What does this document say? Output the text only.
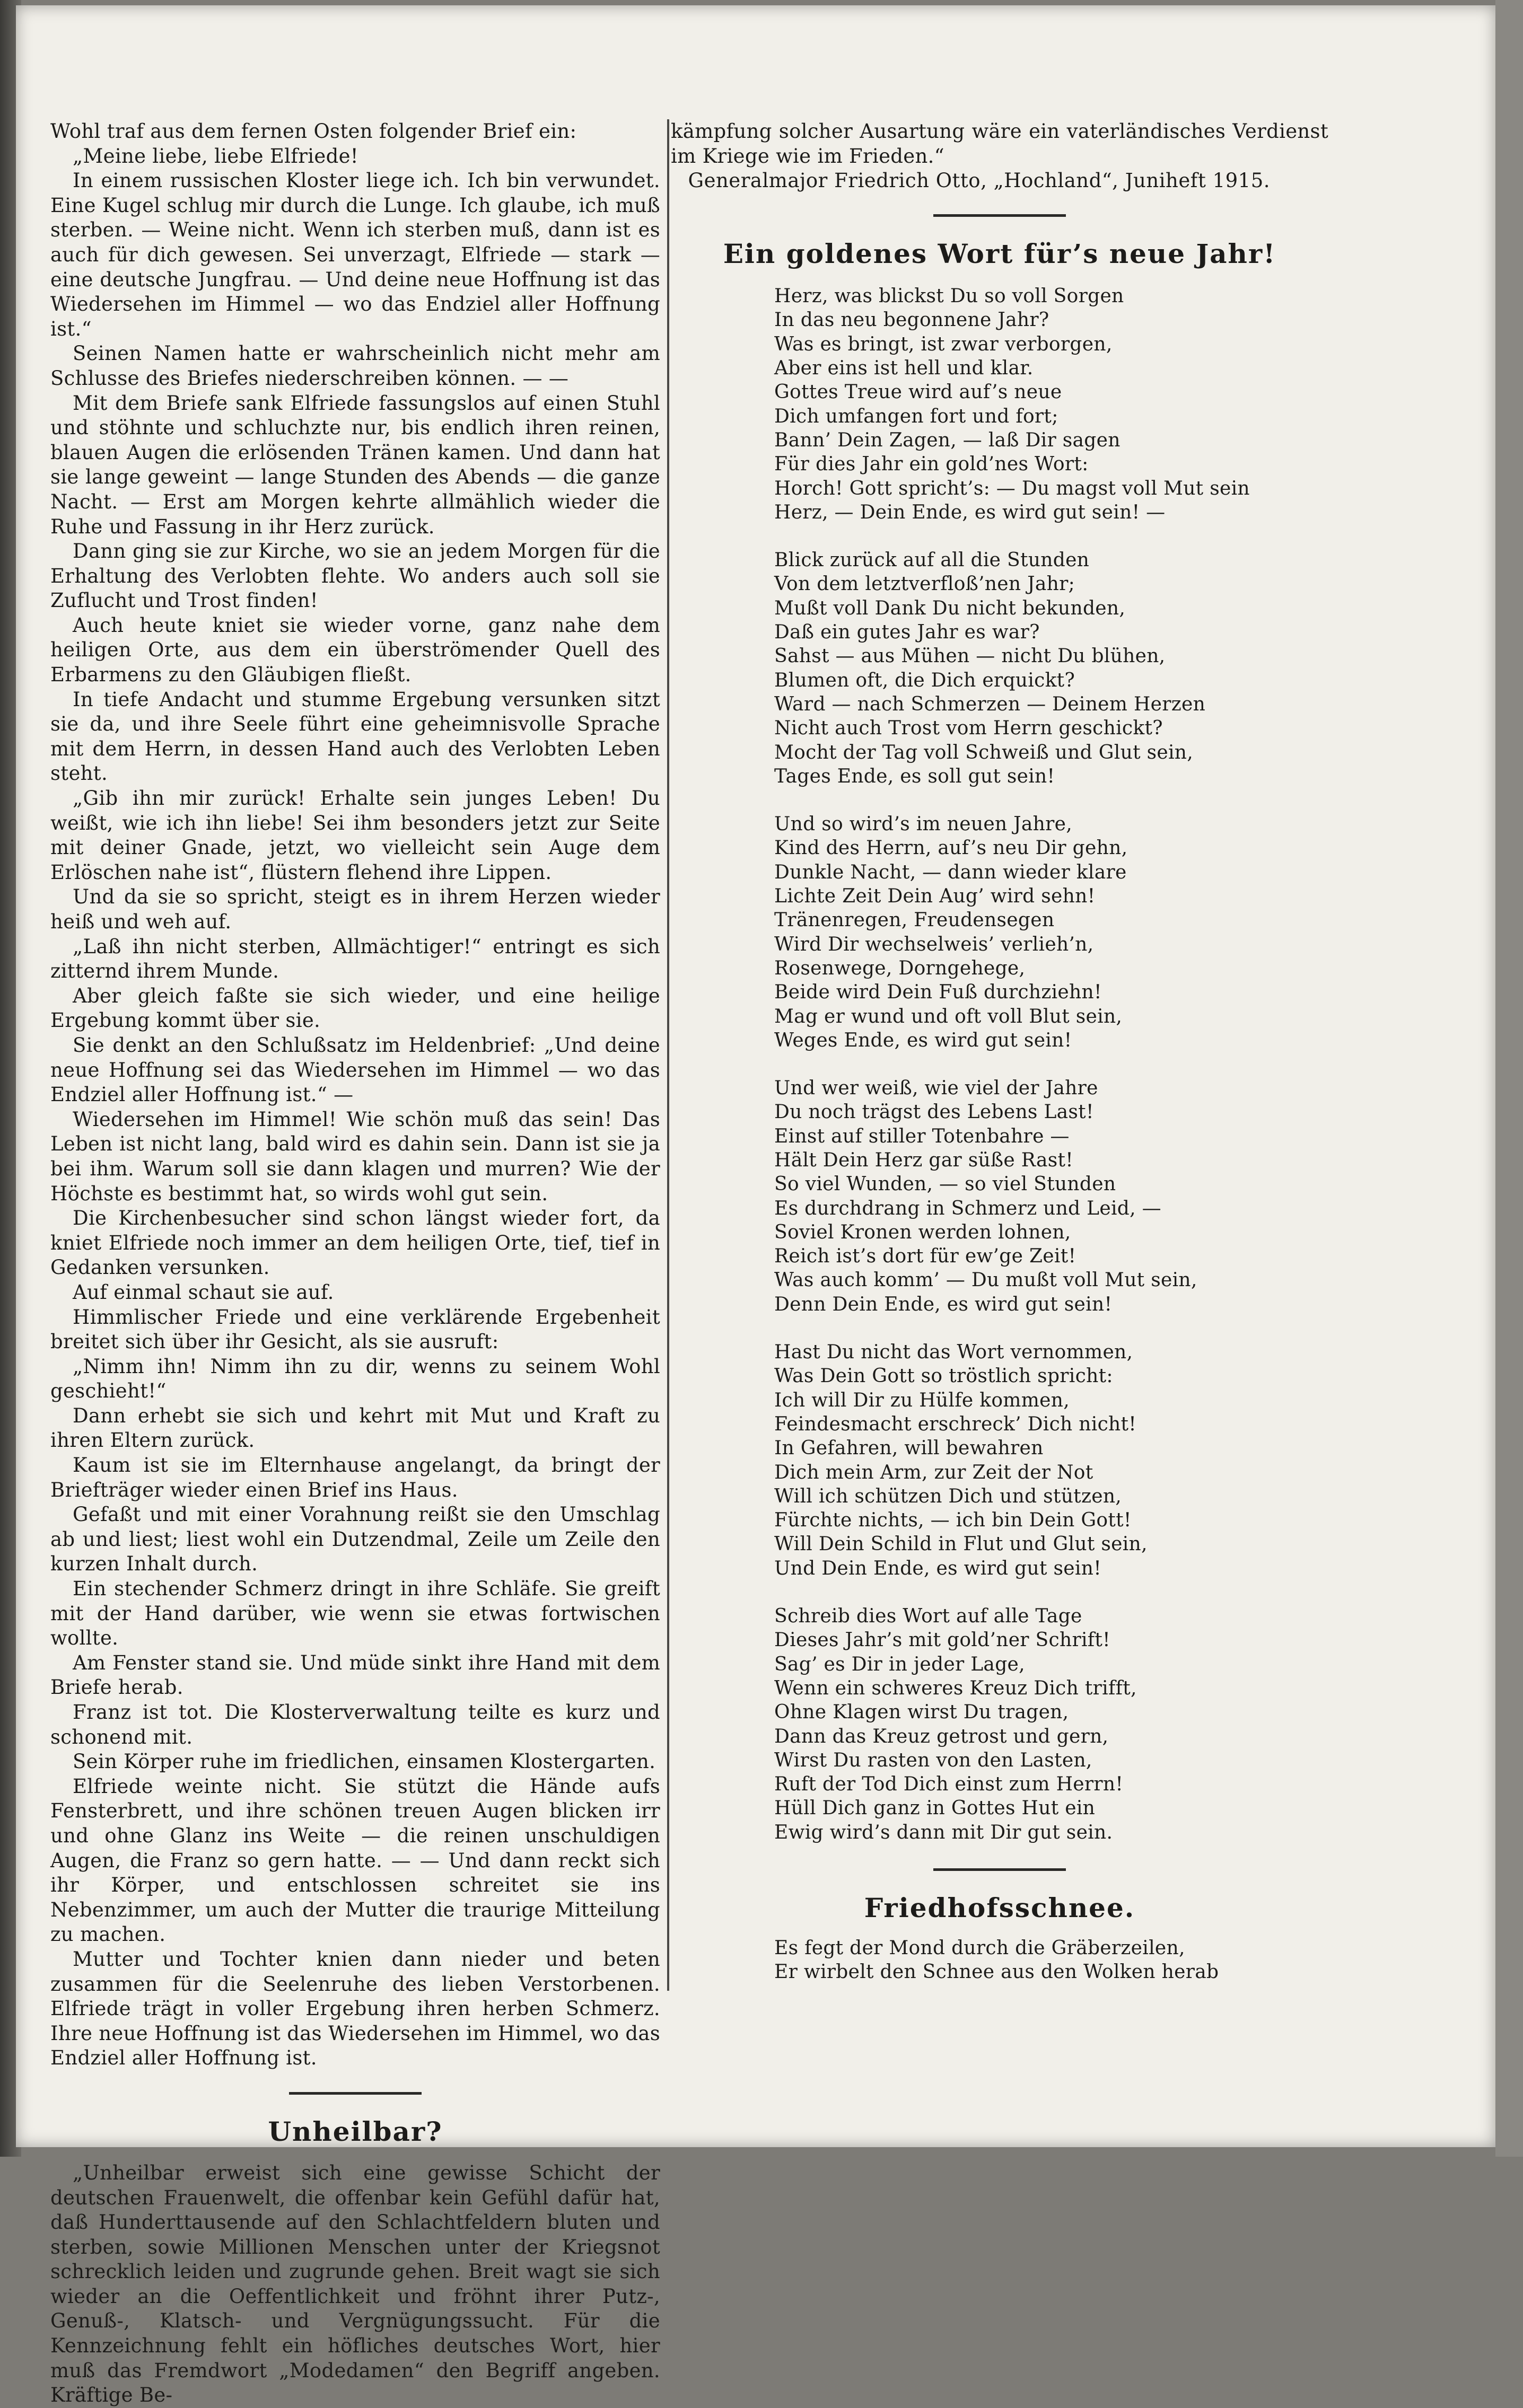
Wohl traf aus dem fernen Osten folgender Brief ein:

„Meine liebe, liebe Elfriede!

In einem russischen Kloster liege ich. Ich bin verwundet. Eine Kugel schlug mir durch die Lunge. Ich glaube, ich muß sterben. — Weine nicht. Wenn ich sterben muß, dann ist es auch für dich gewesen. Sei unverzagt, Elfriede — stark — eine deutsche Jungfrau. — Und deine neue Hoffnung ist das Wiedersehen im Himmel — wo das Endziel aller Hoffnung ist.“

Seinen Namen hatte er wahrscheinlich nicht mehr am Schlusse des Briefes niederschreiben können. — —

Mit dem Briefe sank Elfriede fassungslos auf einen Stuhl und stöhnte und schluchzte nur, bis endlich ihren reinen, blauen Augen die erlösenden Tränen kamen. Und dann hat sie lange geweint — lange Stunden des Abends — die ganze Nacht. — Erst am Morgen kehrte allmählich wieder die Ruhe und Fassung in ihr Herz zurück.

Dann ging sie zur Kirche, wo sie an jedem Morgen für die Erhaltung des Verlobten flehte. Wo anders auch soll sie Zuflucht und Trost finden!

Auch heute kniet sie wieder vorne, ganz nahe dem heiligen Orte, aus dem ein überströmender Quell des Erbarmens zu den Gläubigen fließt.

In tiefe Andacht und stumme Ergebung versunken sitzt sie da, und ihre Seele führt eine geheimnisvolle Sprache mit dem Herrn, in dessen Hand auch des Verlobten Leben steht.

„Gib ihn mir zurück! Erhalte sein junges Leben! Du weißt, wie ich ihn liebe! Sei ihm besonders jetzt zur Seite mit deiner Gnade, jetzt, wo vielleicht sein Auge dem Erlöschen nahe ist“, flüstern flehend ihre Lippen.

Und da sie so spricht, steigt es in ihrem Herzen wieder heiß und weh auf.

„Laß ihn nicht sterben, Allmächtiger!“ entringt es sich zitternd ihrem Munde.

Aber gleich faßte sie sich wieder, und eine heilige Ergebung kommt über sie.

Sie denkt an den Schlußsatz im Heldenbrief: „Und deine neue Hoffnung sei das Wiedersehen im Himmel — wo das Endziel aller Hoffnung ist.“ —

Wiedersehen im Himmel! Wie schön muß das sein! Das Leben ist nicht lang, bald wird es dahin sein. Dann ist sie ja bei ihm. Warum soll sie dann klagen und murren? Wie der Höchste es bestimmt hat, so wirds wohl gut sein.

Die Kirchenbesucher sind schon längst wieder fort, da kniet Elfriede noch immer an dem heiligen Orte, tief, tief in Gedanken versunken.

Auf einmal schaut sie auf.

Himmlischer Friede und eine verklärende Ergebenheit breitet sich über ihr Gesicht, als sie ausruft:

„Nimm ihn! Nimm ihn zu dir, wenns zu seinem Wohl geschieht!“

Dann erhebt sie sich und kehrt mit Mut und Kraft zu ihren Eltern zurück.

Kaum ist sie im Elternhause angelangt, da bringt der Briefträger wieder einen Brief ins Haus.

Gefaßt und mit einer Vorahnung reißt sie den Umschlag ab und liest; liest wohl ein Dutzendmal, Zeile um Zeile den kurzen Inhalt durch.

Ein stechender Schmerz dringt in ihre Schläfe. Sie greift mit der Hand darüber, wie wenn sie etwas fortwischen wollte.

Am Fenster stand sie. Und müde sinkt ihre Hand mit dem Briefe herab.

Franz ist tot. Die Klosterverwaltung teilte es kurz und schonend mit.

Sein Körper ruhe im friedlichen, einsamen Klostergarten.

Elfriede weinte nicht. Sie stützt die Hände aufs Fensterbrett, und ihre schönen treuen Augen blicken irr und ohne Glanz ins Weite — die reinen unschuldigen Augen, die Franz so gern hatte. — — Und dann reckt sich ihr Körper, und entschlossen schreitet sie ins Nebenzimmer, um auch der Mutter die traurige Mitteilung zu machen.

Mutter und Tochter knien dann nieder und beten zusammen für die Seelenruhe des lieben Verstorbenen. Elfriede trägt in voller Ergebung ihren herben Schmerz. Ihre neue Hoffnung ist das Wiedersehen im Himmel, wo das Endziel aller Hoffnung ist.

Unheilbar?

„Unheilbar erweist sich eine gewisse Schicht der deutschen Frauenwelt, die offenbar kein Gefühl dafür hat, daß Hunderttausende auf den Schlachtfeldern bluten und sterben, sowie Millionen Menschen unter der Kriegsnot schrecklich leiden und zugrunde gehen. Breit wagt sie sich wieder an die Oeffentlichkeit und fröhnt ihrer Putz-, Genuß-, Klatsch- und Vergnügungssucht. Für die Kennzeichnung fehlt ein höfliches deutsches Wort, hier muß das Fremdwort „Modedamen“ den Begriff angeben. Kräftige Be-

kämpfung solcher Ausartung wäre ein vaterländisches Verdienst im Kriege wie im Frieden.“

Generalmajor Friedrich Otto, „Hochland“, Juniheft 1915.

Ein goldenes Wort für’s neue Jahr!
Herz, was blickst Du so voll Sorgen
In das neu begonnene Jahr?
Was es bringt, ist zwar verborgen,
Aber eins ist hell und klar.
Gottes Treue wird auf’s neue
Dich umfangen fort und fort;
Bann’ Dein Zagen, — laß Dir sagen
Für dies Jahr ein gold’nes Wort:
Horch! Gott spricht’s: — Du magst voll Mut sein
Herz, — Dein Ende, es wird gut sein! —
Blick zurück auf all die Stunden
Von dem letztverfloß’nen Jahr;
Mußt voll Dank Du nicht bekunden,
Daß ein gutes Jahr es war?
Sahst — aus Mühen — nicht Du blühen,
Blumen oft, die Dich erquickt?
Ward — nach Schmerzen — Deinem Herzen
Nicht auch Trost vom Herrn geschickt?
Mocht der Tag voll Schweiß und Glut sein,
Tages Ende, es soll gut sein!
Und so wird’s im neuen Jahre,
Kind des Herrn, auf’s neu Dir gehn,
Dunkle Nacht, — dann wieder klare
Lichte Zeit Dein Aug’ wird sehn!
Tränenregen, Freudensegen
Wird Dir wechselweis’ verlieh’n,
Rosenwege, Dorngehege,
Beide wird Dein Fuß durchziehn!
Mag er wund und oft voll Blut sein,
Weges Ende, es wird gut sein!
Und wer weiß, wie viel der Jahre
Du noch trägst des Lebens Last!
Einst auf stiller Totenbahre —
Hält Dein Herz gar süße Rast!
So viel Wunden, — so viel Stunden
Es durchdrang in Schmerz und Leid, —
Soviel Kronen werden lohnen,
Reich ist’s dort für ew’ge Zeit!
Was auch komm’ — Du mußt voll Mut sein,
Denn Dein Ende, es wird gut sein!
Hast Du nicht das Wort vernommen,
Was Dein Gott so tröstlich spricht:
Ich will Dir zu Hülfe kommen,
Feindesmacht erschreck’ Dich nicht!
In Gefahren, will bewahren
Dich mein Arm, zur Zeit der Not
Will ich schützen Dich und stützen,
Fürchte nichts, — ich bin Dein Gott!
Will Dein Schild in Flut und Glut sein,
Und Dein Ende, es wird gut sein!
Schreib dies Wort auf alle Tage
Dieses Jahr’s mit gold’ner Schrift!
Sag’ es Dir in jeder Lage,
Wenn ein schweres Kreuz Dich trifft,
Ohne Klagen wirst Du tragen,
Dann das Kreuz getrost und gern,
Wirst Du rasten von den Lasten,
Ruft der Tod Dich einst zum Herrn!
Hüll Dich ganz in Gottes Hut ein
Ewig wird’s dann mit Dir gut sein.
Friedhofsschnee.
Es fegt der Mond durch die Gräberzeilen,
Er wirbelt den Schnee aus den Wolken herab
